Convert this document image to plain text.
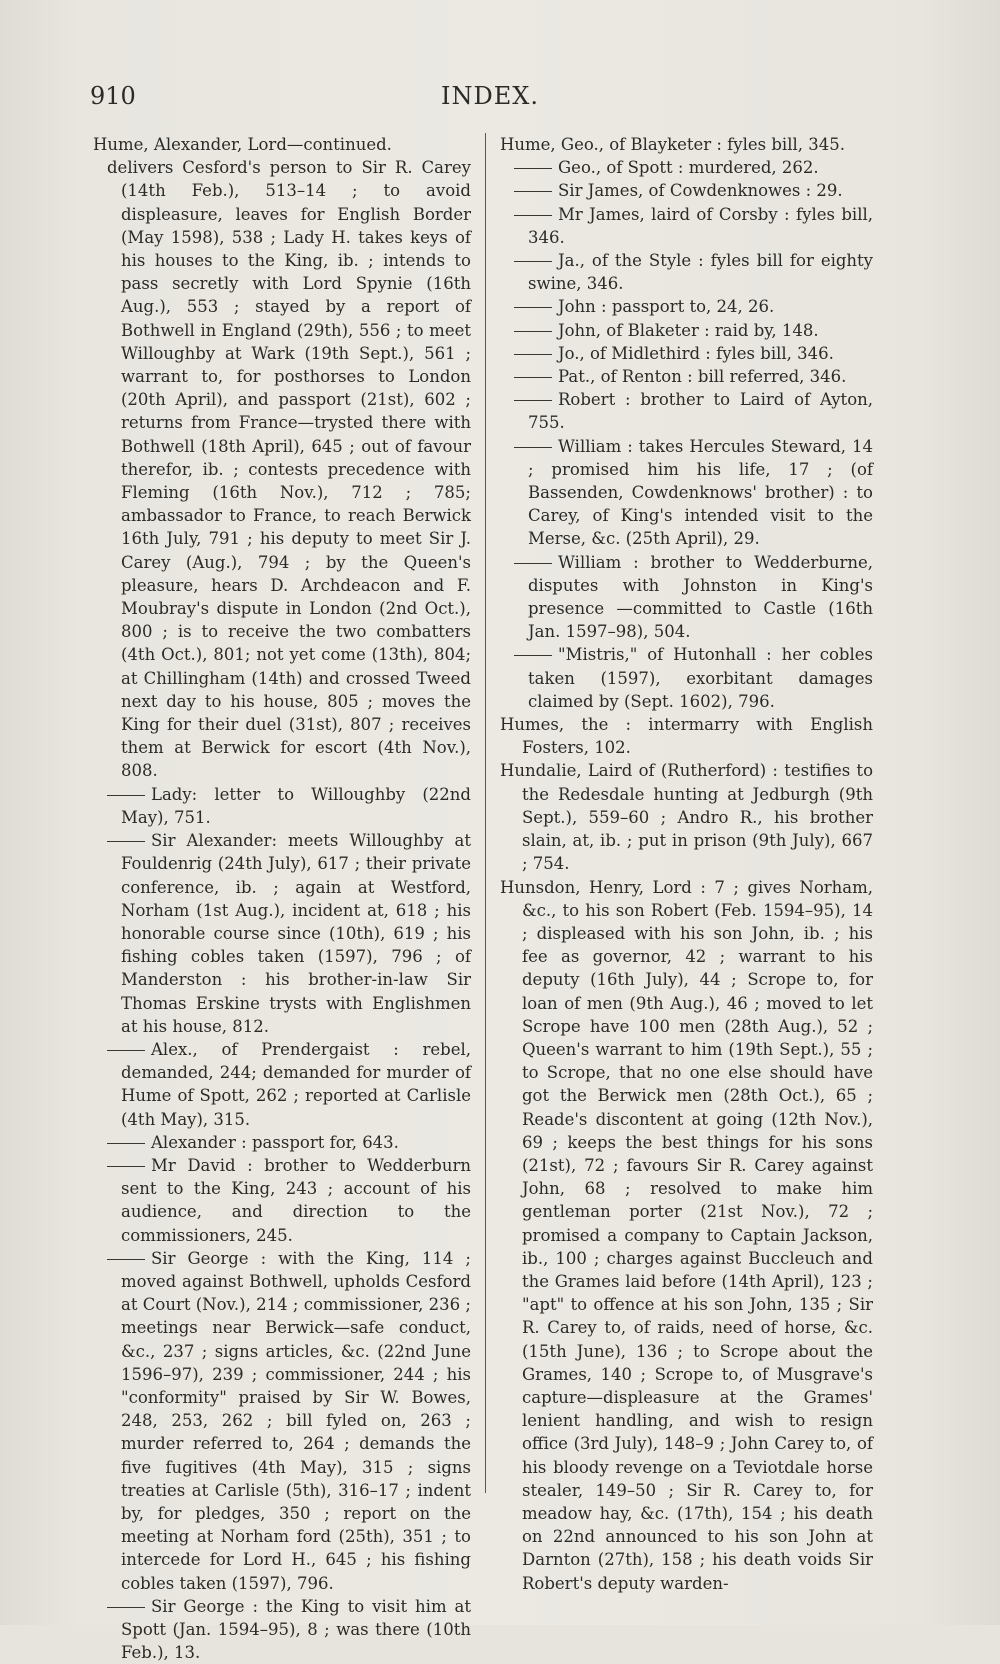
910	INDEX.

Hume, Alexander, Lord—continued.

delivers Cesford's person to Sir R. Carey (14th Feb.), 513–14 ; to avoid displeasure, leaves for English Border (May 1598), 538 ; Lady H. takes keys of his houses to the King, ib. ; intends to pass secretly with Lord Spynie (16th Aug.), 553 ; stayed by a report of Bothwell in England (29th), 556 ; to meet Willoughby at Wark (19th Sept.), 561 ; warrant to, for posthorses to London (20th April), and passport (21st), 602 ; returns from France—trysted there with Bothwell (18th April), 645 ; out of favour therefor, ib. ; contests precedence with Fleming (16th Nov.), 712 ; 785; ambassador to France, to reach Berwick 16th July, 791 ; his deputy to meet Sir J. Carey (Aug.), 794 ; by the Queen's pleasure, hears D. Archdeacon and F. Moubray's dispute in London (2nd Oct.), 800 ; is to receive the two combatters (4th Oct.), 801; not yet come (13th), 804; at Chillingham (14th) and crossed Tweed next day to his house, 805 ; moves the King for their duel (31st), 807 ; receives them at Berwick for escort (4th Nov.), 808.

Lady: letter to Willoughby (22nd May), 751.

Sir Alexander: meets Willoughby at Fouldenrig (24th July), 617 ; their private conference, ib. ; again at Westford, Norham (1st Aug.), incident at, 618 ; his honorable course since (10th), 619 ; his fishing cobles taken (1597), 796 ; of Manderston : his brother-in-law Sir Thomas Erskine trysts with Englishmen at his house, 812.

Alex., of Prendergaist : rebel, demanded, 244; demanded for murder of Hume of Spott, 262 ; reported at Carlisle (4th May), 315.

Alexander : passport for, 643.

Mr David : brother to Wedderburn sent to the King, 243 ; account of his audience, and direction to the commissioners, 245.

Sir George : with the King, 114 ; moved against Bothwell, upholds Cesford at Court (Nov.), 214 ; commissioner, 236 ; meetings near Berwick—safe conduct, &c., 237 ; signs articles, &c. (22nd June 1596–97), 239 ; commissioner, 244 ; his "conformity" praised by Sir W. Bowes, 248, 253, 262 ; bill fyled on, 263 ; murder referred to, 264 ; demands the five fugitives (4th May), 315 ; signs treaties at Carlisle (5th), 316–17 ; indent by, for pledges, 350 ; report on the meeting at Norham ford (25th), 351 ; to intercede for Lord H., 645 ; his fishing cobles taken (1597), 796.

Sir George : the King to visit him at Spott (Jan. 1594–95), 8 ; was there (10th Feb.), 13.

Hume, Geo., of Blayketer : fyles bill, 345.

Geo., of Spott : murdered, 262.

Sir James, of Cowdenknowes : 29.

Mr James, laird of Corsby : fyles bill, 346.

Ja., of the Style : fyles bill for eighty swine, 346.

John : passport to, 24, 26.

John, of Blaketer : raid by, 148.

Jo., of Midlethird : fyles bill, 346.

Pat., of Renton : bill referred, 346.

Robert : brother to Laird of Ayton, 755.

William : takes Hercules Steward, 14 ; promised him his life, 17 ; (of Bassenden, Cowdenknows' brother) : to Carey, of King's intended visit to the Merse, &c. (25th April), 29.

William : brother to Wedderburne, disputes with Johnston in King's presence —committed to Castle (16th Jan. 1597–98), 504.

"Mistris," of Hutonhall : her cobles taken (1597), exorbitant damages claimed by (Sept. 1602), 796.

Humes, the : intermarry with English Fosters, 102.

Hundalie, Laird of (Rutherford) : testifies to the Redesdale hunting at Jedburgh (9th Sept.), 559–60 ; Andro R., his brother slain, at, ib. ; put in prison (9th July), 667 ; 754.

Hunsdon, Henry, Lord : 7 ; gives Norham, &c., to his son Robert (Feb. 1594–95), 14 ; displeased with his son John, ib. ; his fee as governor, 42 ; warrant to his deputy (16th July), 44 ; Scrope to, for loan of men (9th Aug.), 46 ; moved to let Scrope have 100 men (28th Aug.), 52 ; Queen's warrant to him (19th Sept.), 55 ; to Scrope, that no one else should have got the Berwick men (28th Oct.), 65 ; Reade's discontent at going (12th Nov.), 69 ; keeps the best things for his sons (21st), 72 ; favours Sir R. Carey against John, 68 ; resolved to make him gentleman porter (21st Nov.), 72 ; promised a company to Captain Jackson, ib., 100 ; charges against Buccleuch and the Grames laid before (14th April), 123 ; "apt" to offence at his son John, 135 ; Sir R. Carey to, of raids, need of horse, &c. (15th June), 136 ; to Scrope about the Grames, 140 ; Scrope to, of Musgrave's capture—displeasure at the Grames' lenient handling, and wish to resign office (3rd July), 148–9 ; John Carey to, of his bloody revenge on a Teviotdale horse stealer, 149–50 ; Sir R. Carey to, for meadow hay, &c. (17th), 154 ; his death on 22nd announced to his son John at Darnton (27th), 158 ; his death voids Sir Robert's deputy warden-
